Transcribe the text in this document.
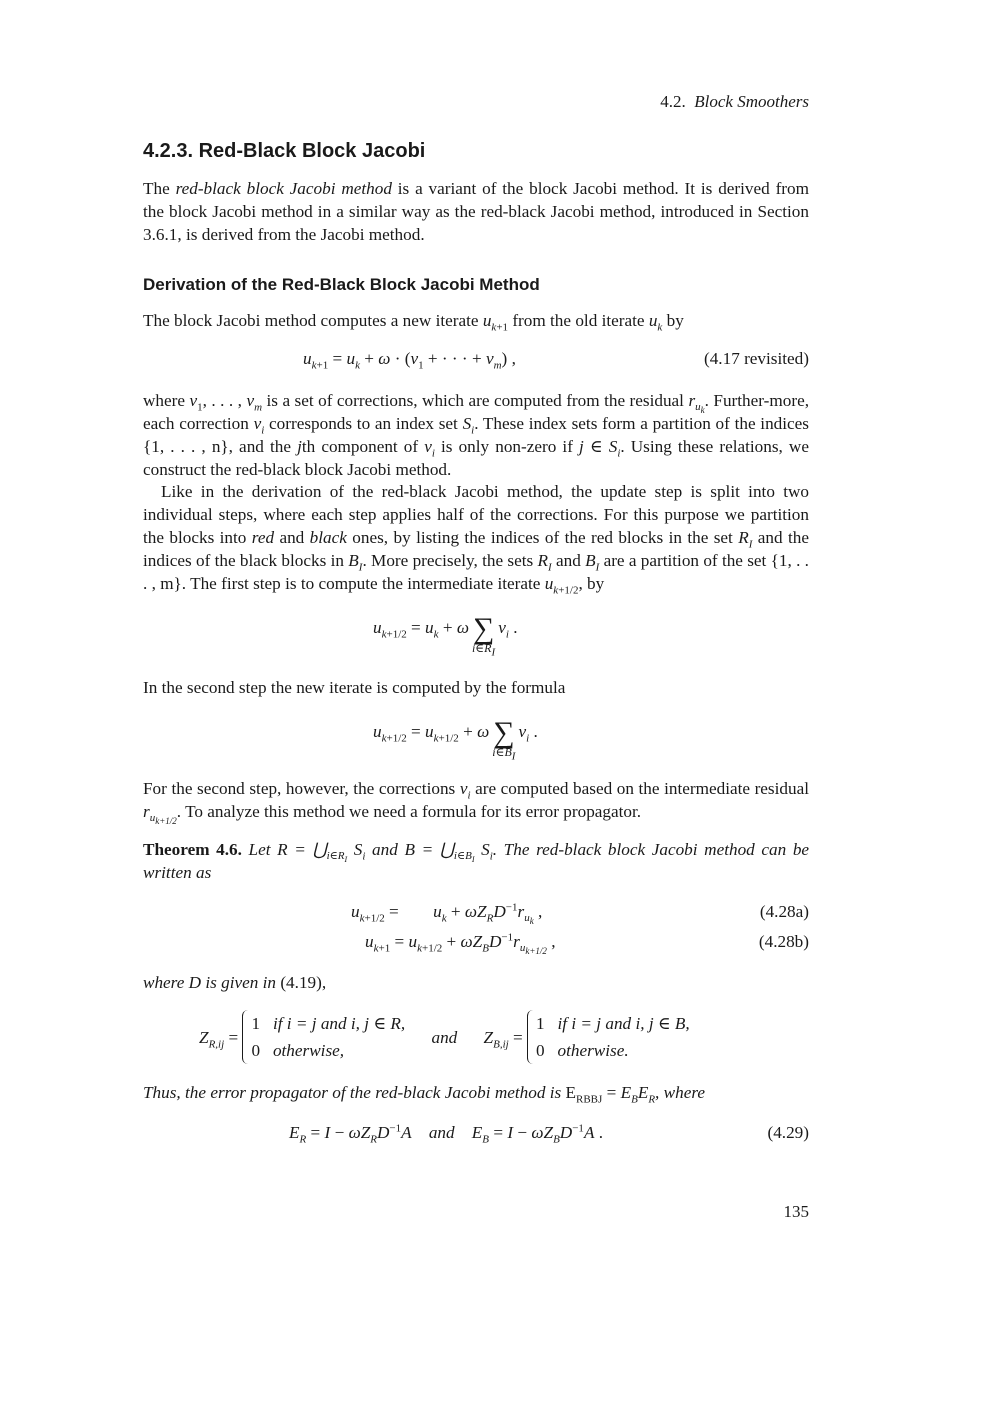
4.2. Block Smoothers
4.2.3. Red-Black Block Jacobi

The red-black block Jacobi method is a variant of the block Jacobi method. It is derived from the block Jacobi method in a similar way as the red-black Jacobi method, introduced in Section 3.6.1, is derived from the Jacobi method.

Derivation of the Red-Black Block Jacobi Method

The block Jacobi method computes a new iterate $u_{k+1}$ from the old iterate $u_k$ by

$u_{k+1} = u_k + \omega \cdot (v_1$ + · · · + $v_m$) ,	(4.17 revisited)

where $v_1$, . . . , $v_m$ is a set of corrections, which are computed from the residual $r_{u_k}$. Further-more, each correction $v_i$ corresponds to an index set $S_i$. These index sets form a partition of the indices {1, . . . , n}, and the jth component of $v_i$ is only non-zero if j ∈ $S_i$. Using these relations, we construct the red-black block Jacobi method.

Like in the derivation of the red-black Jacobi method, the update step is split into two individual steps, where each step applies half of the corrections. For this purpose we partition the blocks into red and black ones, by listing the indices of the red blocks in the set $R_I$ and the indices of the black blocks in $B_I$. More precisely, the sets $R_I$ and $B_I$ are a partition of the set {1, . . . , m}. The first step is to compute the intermediate iterate $u_{k+1/2}$, by

$u_{k+1/2} = u_k + \omega$ ∑
$i\in R_I$
$v_i$ .

In the second step the new iterate is computed by the formula

$u_{k+1/2} = u_{k+1/2} + \omega$ ∑
$i\in B_I$
$v_i$ .

For the second step, however, the corrections $v_i$ are computed based on the intermediate residual $r_{u_{k+1/2}}$. To analyze this method we need a formula for its error propagator.

Theorem 4.6. Let $R = ⋃_{i\in R_I}$ $S_i$ and $B = ⋃_{i\in B_I}$ $S_i$. The red-black block Jacobi method can be written as

$u_{k+1/2}$ =        $u_k + \omega Z_RD^{-1}r_{u_k}$ ,	(4.28a)
$u_{k+1} = u_{k+1/2} + \omega Z_BD^{-1}r_{u_{k+1/2}}$ ,	(4.28b)

where D is given in (4.19),

$Z_{R,ij} = 1$   if i = j and i, j ∈ R,
0   otherwise, and $Z_{B,ij} = 1$   if i = j and i, j ∈ B,
0   otherwise.

Thus, the error propagator of the red-black Jacobi method is $E_{RBBJ} = E_BE_R$, where

$E_R = I - \omega Z_RD^{-1}A$ and $E_B = I - \omega Z_BD^{-1}A$ .	(4.29)
135
